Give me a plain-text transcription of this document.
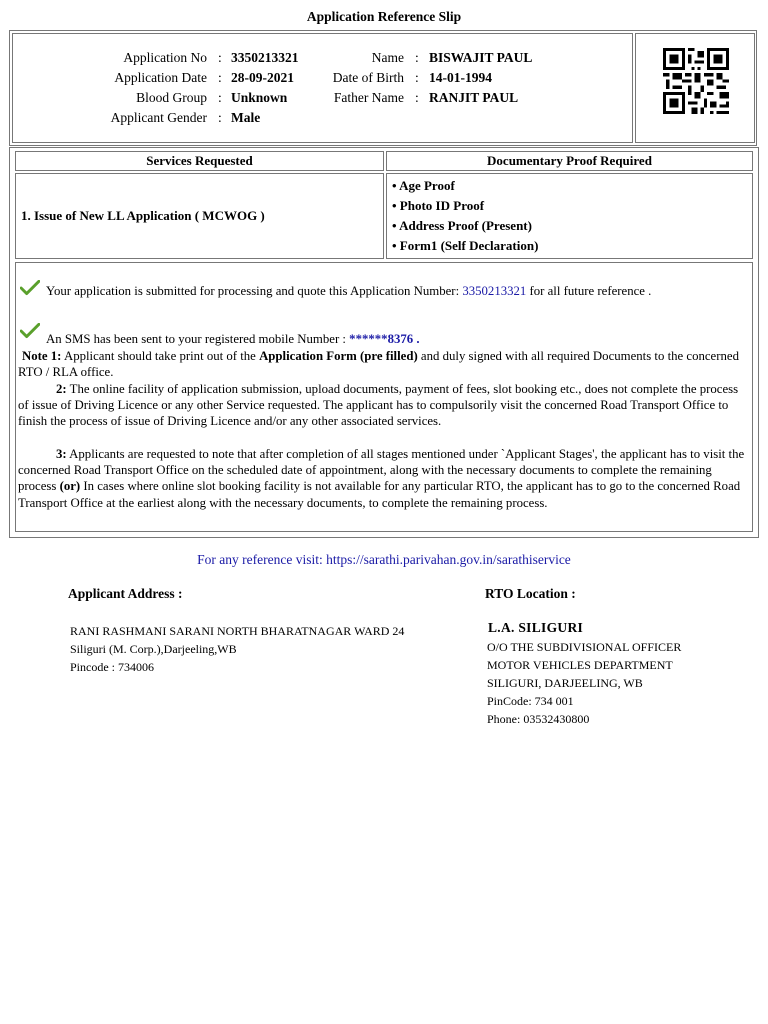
Application Reference Slip
Application No : 3350213321
Application Date : 28-09-2021
Blood Group : Unknown
Applicant Gender : Male
Name : BISWAJIT PAUL
Date of Birth : 14-01-1994
Father Name : RANJIT PAUL
Services Requested	Documentary Proof Required
1. Issue of New LL Application ( MCWOG )
• Age Proof
• Photo ID Proof
• Address Proof (Present)
• Form1 (Self Declaration)
Your application is submitted for processing and quote this Application Number: 3350213321 for all future reference .
An SMS has been sent to your registered mobile Number : ******8376 .
Note 1: Applicant should take print out of the Application Form (pre filled) and duly signed with all required Documents to the concerned RTO / RLA office.
2: The online facility of application submission, upload documents, payment of fees, slot booking etc., does not complete the process of issue of Driving Licence or any other Service requested. The applicant has to compulsorily visit the concerned Road Transport Office to finish the process of issue of Driving Licence and/or any other associated services.
3: Applicants are requested to note that after completion of all stages mentioned under `Applicant Stages', the applicant has to visit the concerned Road Transport Office on the scheduled date of appointment, along with the necessary documents to complete the remaining process (or) In cases where online slot booking facility is not available for any particular RTO, the applicant has to go to the concerned Road Transport Office at the earliest along with the necessary documents, to complete the remaining process.
For any reference visit: https://sarathi.parivahan.gov.in/sarathiservice
Applicant Address :
RANI RASHMANI SARANI NORTH BHARATNAGAR WARD 24
Siliguri (M. Corp.),Darjeeling,WB
Pincode : 734006
RTO Location :
L.A. SILIGURI
O/O THE SUBDIVISIONAL OFFICER
MOTOR VEHICLES DEPARTMENT
SILIGURI, DARJEELING, WB
PinCode: 734 001
Phone: 03532430800
